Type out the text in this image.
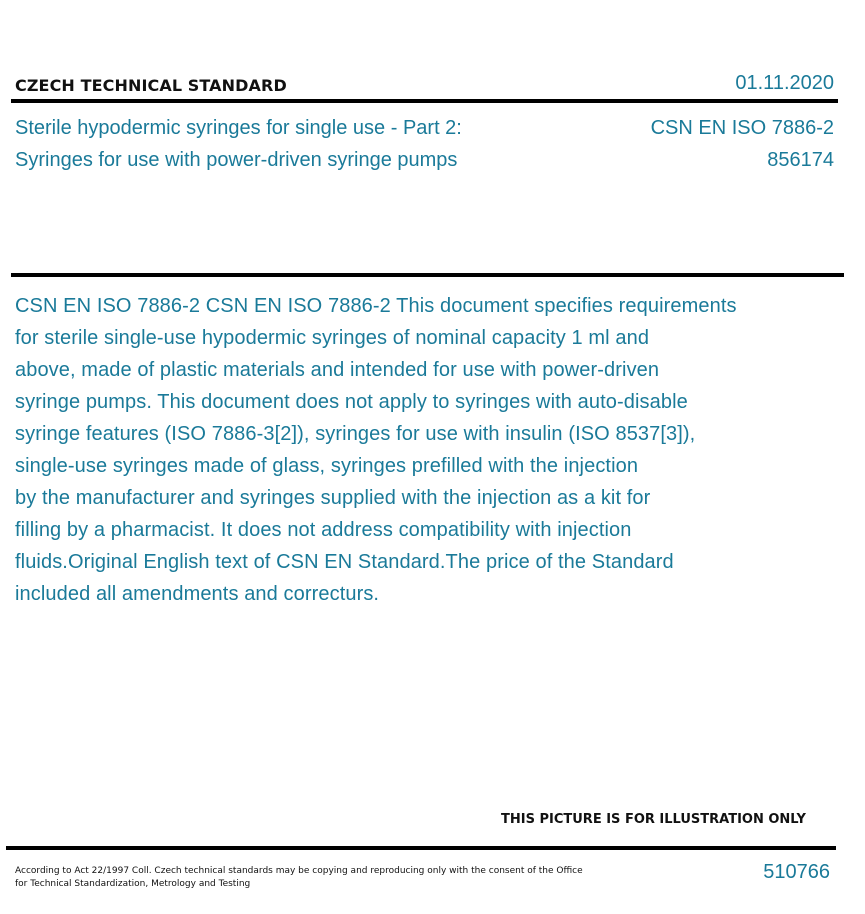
CZECH TECHNICAL STANDARD	01.11.2020
Sterile hypodermic syringes for single use - Part 2:
Syringes for use with power-driven syringe pumps
CSN EN ISO 7886-2
856174
CSN EN ISO 7886-2 CSN EN ISO 7886-2 This document specifies requirements
for sterile single-use hypodermic syringes of nominal capacity 1 ml and
above, made of plastic materials and intended for use with power-driven
syringe pumps. This document does not apply to syringes with auto-disable
syringe features (ISO 7886-3[2]), syringes for use with insulin (ISO 8537[3]),
single-use syringes made of glass, syringes prefilled with the injection
by the manufacturer and syringes supplied with the injection as a kit for
filling by a pharmacist. It does not address compatibility with injection
fluids.Original English text of CSN EN Standard.The price of the Standard
included all amendments and correcturs.
THIS PICTURE IS FOR ILLUSTRATION ONLY
According to Act 22/1997 Coll. Czech technical standards may be copying and reproducing only with the consent of the Office
for Technical Standardization, Metrology and Testing
510766
